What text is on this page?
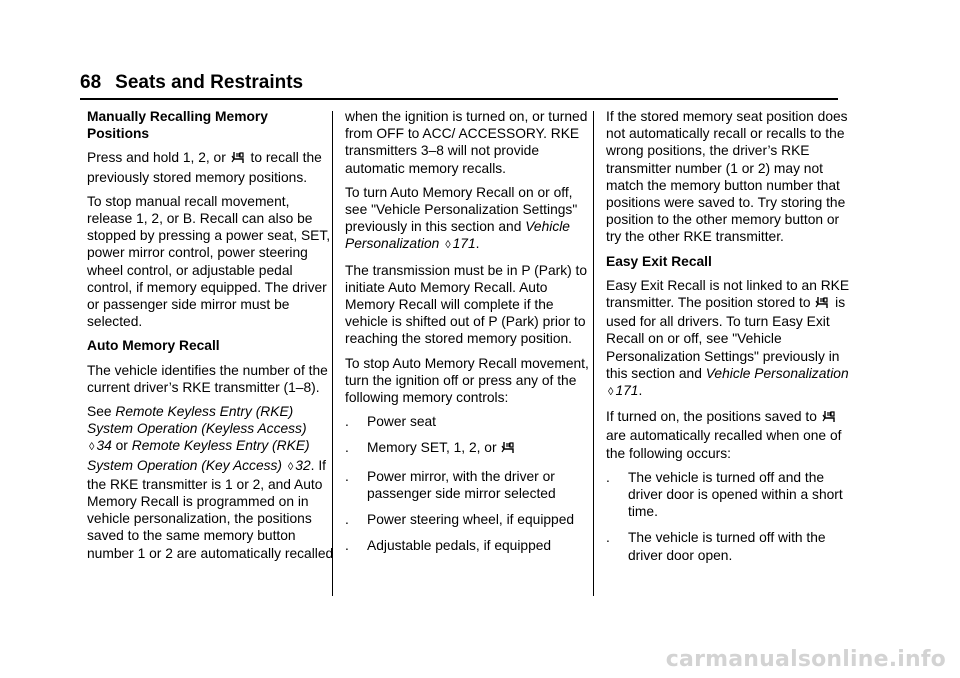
68 Seats and Restraints

Manually Recalling Memory
Positions

Press and hold 1, 2, or  to recall the previously stored memory positions.

To stop manual recall movement, release 1, 2, or B. Recall can also be stopped by pressing a power seat, SET, power mirror control, power steering wheel control, or adjustable pedal control, if memory equipped. The driver or passenger side mirror must be selected.

Auto Memory Recall

The vehicle identifies the number of the current driver’s RKE transmitter (1–8).

See Remote Keyless Entry (RKE) System Operation (Keyless Access) ◊ 34 or Remote Keyless Entry (RKE) System Operation (Key Access) ◊ 32. If the RKE transmitter is 1 or 2, and Auto Memory Recall is programmed on in vehicle personalization, the positions saved to the same memory button number 1 or 2 are automatically recalled

when the ignition is turned on, or turned from OFF to ACC/ ACCESSORY. RKE transmitters 3–8 will not provide automatic memory recalls.

To turn Auto Memory Recall on or off, see "Vehicle Personalization Settings" previously in this section and Vehicle Personalization ◊ 171.

The transmission must be in P (Park) to initiate Auto Memory Recall. Auto Memory Recall will complete if the vehicle is shifted out of P (Park) prior to reaching the stored memory position.

To stop Auto Memory Recall movement, turn the ignition off or press any of the following memory controls:

. Power seat
. Memory SET, 1, 2, or
. Power mirror, with the driver or passenger side mirror selected
. Power steering wheel, if equipped
. Adjustable pedals, if equipped

If the stored memory seat position does not automatically recall or recalls to the wrong positions, the driver’s RKE transmitter number (1 or 2) may not match the memory button number that positions were saved to. Try storing the position to the other memory button or try the other RKE transmitter.

Easy Exit Recall

Easy Exit Recall is not linked to an RKE transmitter. The position stored to  is used for all drivers. To turn Easy Exit Recall on or off, see "Vehicle Personalization Settings" previously in this section and Vehicle Personalization ◊ 171.

If turned on, the positions saved to  are automatically recalled when one of the following occurs:

. The vehicle is turned off and the driver door is opened within a short time.
. The vehicle is turned off with the driver door open.
carmanualsonline.info
